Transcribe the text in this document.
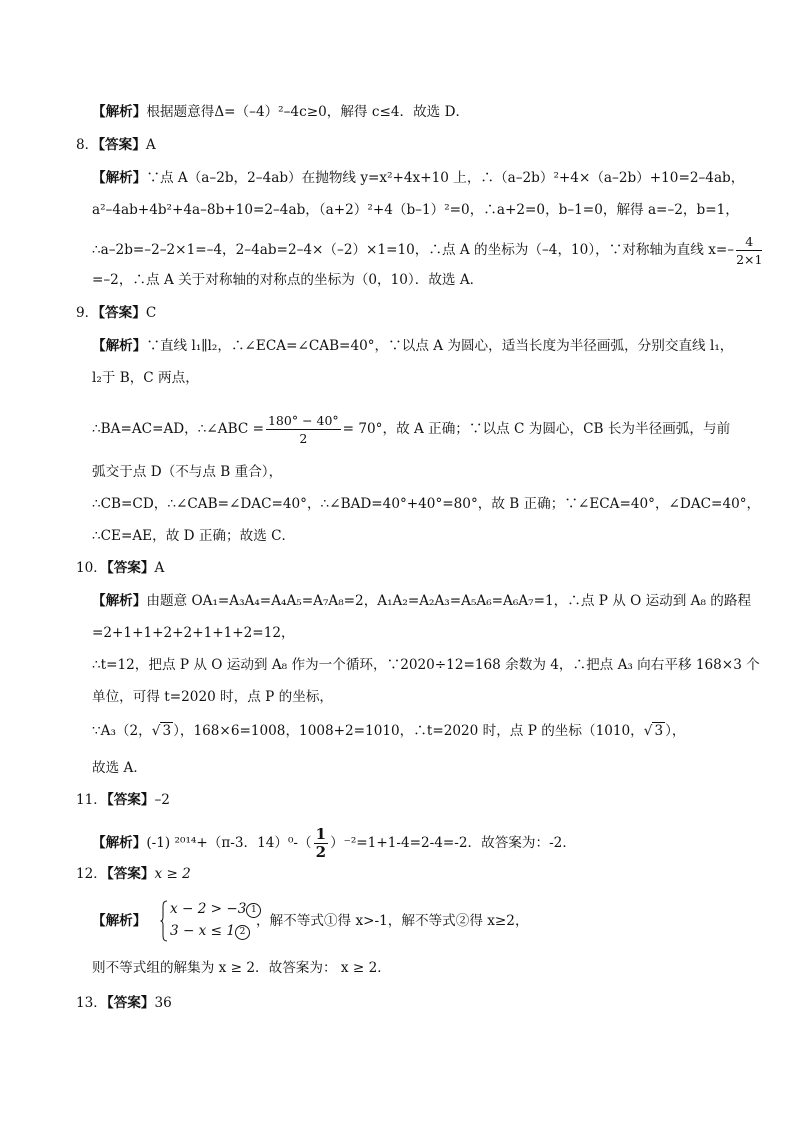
【解析】根据题意得Δ=（–4）²–4c≥0，解得 c≤4．故选 D．
8．【答案】A
【解析】∵点 A（a–2b，2–4ab）在抛物线 y=x²+4x+10 上，∴（a–2b）²+4×（a–2b）+10=2–4ab，
a²–4ab+4b²+4a–8b+10=2–4ab，（a+2）²+4（b–1）²=0，∴a+2=0，b–1=0，解得 a=–2，b=1，
∴a–2b=–2–2×1=–4，2–4ab=2–4×（–2）×1=10，∴点 A 的坐标为（–4，10），∵对称轴为直线 $x=- \frac{4}{2\times 1}$
=–2，∴点 A 关于对称轴的对称点的坐标为（0，10）．故选 A．
9．【答案】C
【解析】∵直线 l₁∥l₂，∴∠ECA=∠CAB=40°，∵以点 A 为圆心，适当长度为半径画弧，分别交直线 l₁，
l₂于 B，C 两点，
∴BA=AC=AD，∴∠ABC = $\frac{180^\circ - 40^\circ}{2} = 70^\circ$，故 A 正确；∵以点 C 为圆心，CB 长为半径画弧，与前
弧交于点 D（不与点 B 重合），
∴CB=CD，∴∠CAB=∠DAC=40°，∴∠BAD=40°+40°=80°，故 B 正确；∵∠ECA=40°，∠DAC=40°，
∴CE=AE，故 D 正确；故选 C．
10．【答案】A
【解析】由题意 OA₁=A₃A₄=A₄A₅=A₇A₈=2，A₁A₂=A₂A₃=A₅A₆=A₆A₇=1，∴点 P 从 O 运动到 A₈ 的路程
=2+1+1+2+2+1+1+2=12，
∴t=12，把点 P 从 O 运动到 A₈ 作为一个循环，∵2020÷12=168 余数为 4，∴把点 A₃ 向右平移 168×3 个
单位，可得 t=2020 时，点 P 的坐标，
∵A₃（2，√ 3 ），168×6=1008，1008+2=1010，∴t=2020 时，点 P 的坐标（1010，√ 3 ），
故选 A．
11．【答案】–2
【解析】(-1) ²⁰¹⁴+（π-3．$14)^0-( \frac{1}{2} )^{-2}=1+1-4=2-4=-2$．故答案为：-2．
12．【答案】x ≥ 2
【解析】
x − 2 > −3 1
3 − x ≤ 1 2
，解不等式①得 x>-1，解不等式②得 x≥2，
则不等式组的解集为 x ≥ 2．故答案为： x ≥ 2．
13．【答案】36
